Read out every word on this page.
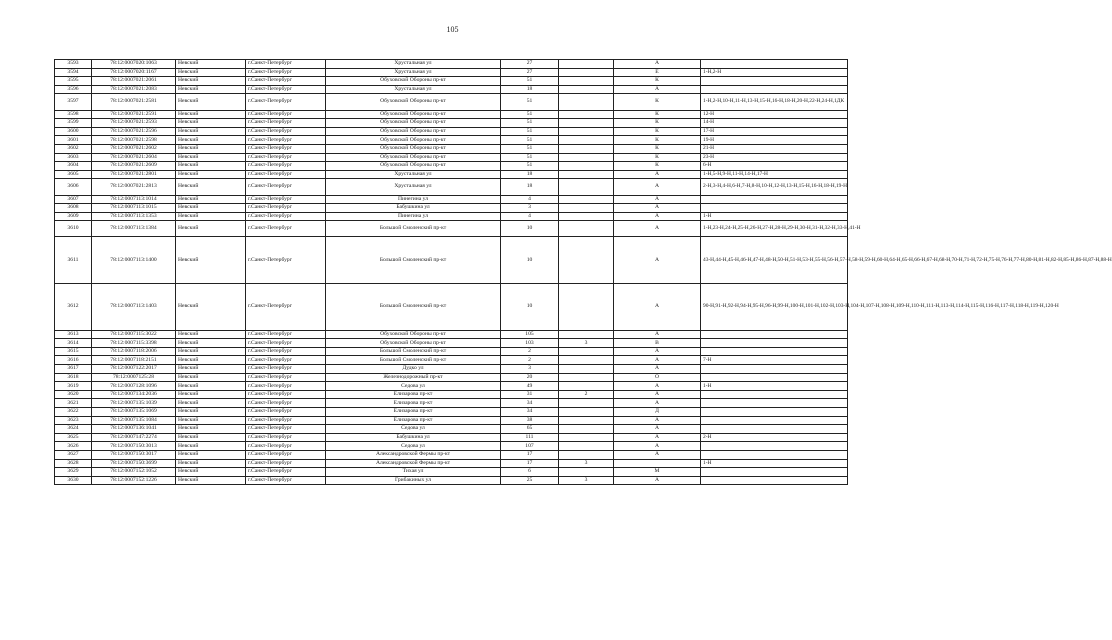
105
3593	78:12:0007020:1063	Невский	г.Санкт-Петербург	Хрустальная ул	27		А	
3594	78:12:0007020:1167	Невский	г.Санкт-Петербург	Хрустальная ул	27		Е	1-Н,2-Н
3595	78:12:0007021:2061	Невский	г.Санкт-Петербург	Обуховской Обороны пр-кт	51		К	
3596	78:12:0007021:2083	Невский	г.Санкт-Петербург	Хрустальная ул	18		А	
3597	78:12:0007021:2581	Невский	г.Санкт-Петербург	Обуховской Обороны пр-кт	51		К	1-Н,2-Н,10-Н,11-Н,13-Н,15-Н,16-Н,18-Н,20-Н,22-Н,24-Н,1ДК
3598	78:12:0007021:2591	Невский	г.Санкт-Петербург	Обуховской Обороны пр-кт	51		К	12-Н
3599	78:12:0007021:2593	Невский	г.Санкт-Петербург	Обуховской Обороны пр-кт	51		К	14-Н
3600	78:12:0007021:2596	Невский	г.Санкт-Петербург	Обуховской Обороны пр-кт	51		К	17-Н
3601	78:12:0007021:2598	Невский	г.Санкт-Петербург	Обуховской Обороны пр-кт	51		К	19-Н
3602	78:12:0007021:2602	Невский	г.Санкт-Петербург	Обуховской Обороны пр-кт	51		К	21-Н
3603	78:12:0007021:2604	Невский	г.Санкт-Петербург	Обуховской Обороны пр-кт	51		К	23-Н
3604	78:12:0007021:2609	Невский	г.Санкт-Петербург	Обуховской Обороны пр-кт	51		К	6-Н
3605	78:12:0007021:2801	Невский	г.Санкт-Петербург	Хрустальная ул	18		А	1-Н,5-Н,9-Н,11-Н,14-Н,17-Н
3606	78:12:0007021:2813	Невский	г.Санкт-Петербург	Хрустальная ул	18		А	2-Н,3-Н,4-Н,6-Н,7-Н,8-Н,10-Н,12-Н,13-Н,15-Н,16-Н,18-Н,19-Н
3607	78:12:0007113:1014	Невский	г.Санкт-Петербург	Пинегина ул	4		А	
3608	78:12:0007113:1015	Невский	г.Санкт-Петербург	Бабушкина ул	3		А	
3609	78:12:0007113:1353	Невский	г.Санкт-Петербург	Пинегина ул	4		А	1-Н
3610	78:12:0007113:1384	Невский	г.Санкт-Петербург	Большой Смоленский пр-кт	10		А	1-Н,23-Н,24-Н,25-Н,26-Н,27-Н,28-Н,29-Н,30-Н,31-Н,32-Н,33-Н,41-Н
3611	78:12:0007113:1400	Невский	г.Санкт-Петербург	Большой Смоленский пр-кт	10		А	43-Н,44-Н,45-Н,46-Н,47-Н,48-Н,50-Н,51-Н,53-Н,55-Н,56-Н,57-Н,58-Н,59-Н,60-Н,64-Н,65-Н,66-Н,67-Н,68-Н,70-Н,71-Н,72-Н,75-Н,76-Н,77-Н,80-Н,81-Н,82-Н,85-Н,86-Н,87-Н,88-Н
3612	78:12:0007113:1403	Невский	г.Санкт-Петербург	Большой Смоленский пр-кт	10		А	90-Н,91-Н,92-Н,94-Н,95-Н,96-Н,99-Н,100-Н,101-Н,102-Н,103-Н,104-Н,107-Н,108-Н,109-Н,110-Н,111-Н,113-Н,114-Н,115-Н,116-Н,117-Н,118-Н,119-Н,120-Н
3613	78:12:0007115:3022	Невский	г.Санкт-Петербург	Обуховской Обороны пр-кт	105		А	
3614	78:12:0007115:3398	Невский	г.Санкт-Петербург	Обуховской Обороны пр-кт	103	3	В	
3615	78:12:0007118:2006	Невский	г.Санкт-Петербург	Большой Смоленский пр-кт	2		А	
3616	78:12:0007118:2151	Невский	г.Санкт-Петербург	Большой Смоленский пр-кт	2		А	7-Н
3617	78:12:0007122:2017	Невский	г.Санкт-Петербург	Дудко ул	3		А	
3618	78:12:0007125:28	Невский	г.Санкт-Петербург	Железнодорожный пр-кт	20		О	
3619	78:12:0007128:1096	Невский	г.Санкт-Петербург	Седова ул	49		А	1-Н
3620	78:12:0007134:2036	Невский	г.Санкт-Петербург	Елизарова пр-кт	31	2	А	
3621	78:12:0007135:1039	Невский	г.Санкт-Петербург	Елизарова пр-кт	34		А	
3622	78:12:0007135:1069	Невский	г.Санкт-Петербург	Елизарова пр-кт	34		Д	
3623	78:12:0007135:1084	Невский	г.Санкт-Петербург	Елизарова пр-кт	38		А	
3624	78:12:0007136:1041	Невский	г.Санкт-Петербург	Седова ул	65		А	
3625	78:12:0007147:2274	Невский	г.Санкт-Петербург	Бабушкина ул	111		А	2-Н
3626	78:12:0007150:3013	Невский	г.Санкт-Петербург	Седова ул	107		А	
3627	78:12:0007150:3017	Невский	г.Санкт-Петербург	Александровской Фермы пр-кт	17		А	
3628	78:12:0007150:3699	Невский	г.Санкт-Петербург	Александровской Фермы пр-кт	17	3		1-Н
3629	78:12:0007152:1052	Невский	г.Санкт-Петербург	Тихая ул	6		М	
3630	78:12:0007152:1226	Невский	г.Санкт-Петербург	Грибакиных ул	25	3	А	
